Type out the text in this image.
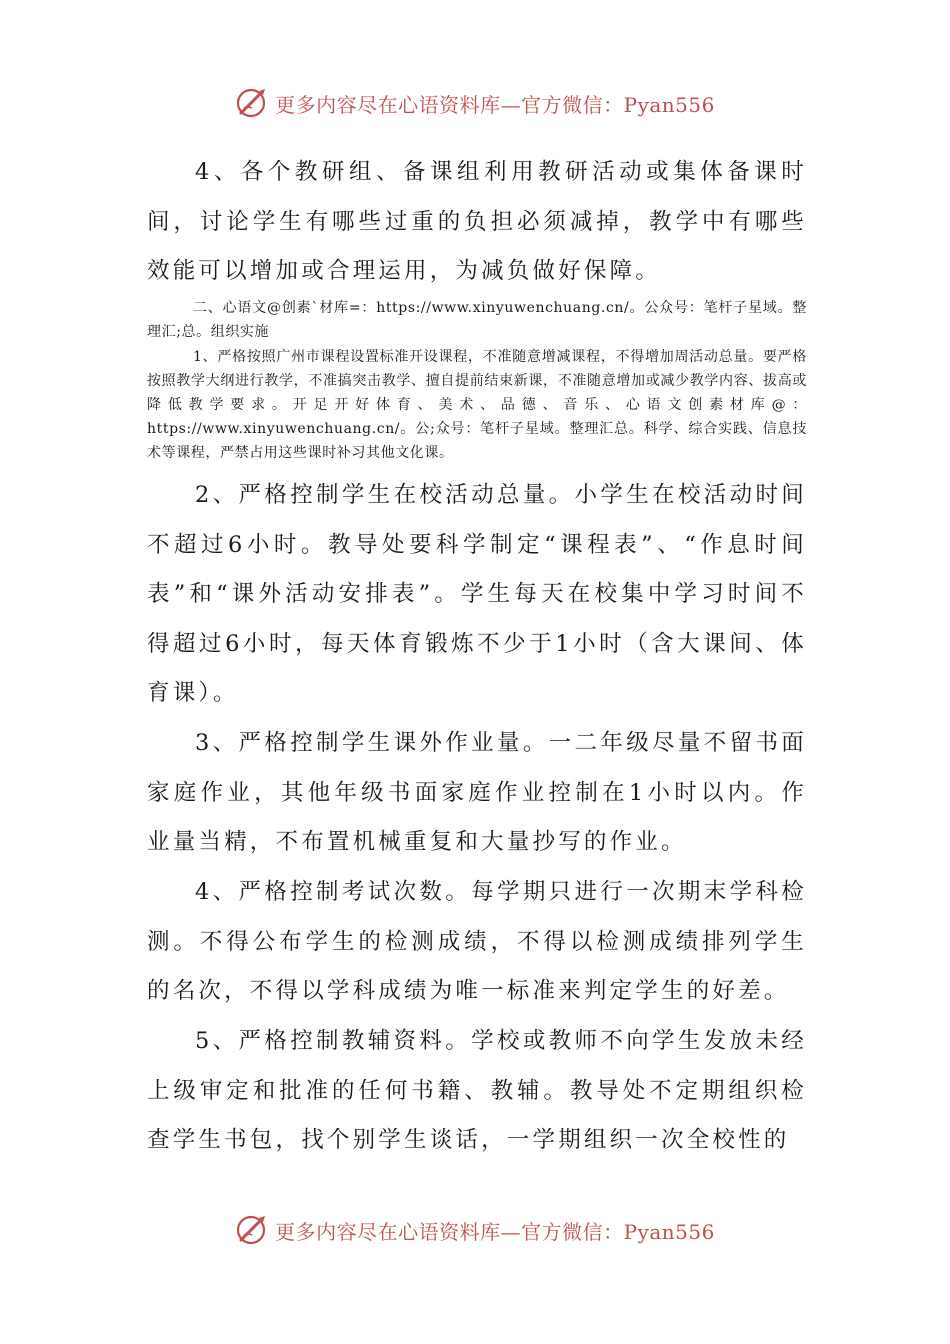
更多内容尽在心语资料库—官方微信：Pyan556

4、各个教研组、备课组利用教研活动或集体备课时间，讨论学生有哪些过重的负担必须减掉，教学中有哪些效能可以增加或合理运用，为减负做好保障。

二、心语文@创素`材库=：https://www.xinyuwenchuang.cn/。公众号：笔杆子星域。整理汇;总。组织实施

1、严格按照广州市课程设置标准开设课程，不准随意增减课程，不得增加周活动总量。要严格按照教学大纲进行教学，不准搞突击教学、擅自提前结束新课，不准随意增加或减少教学内容、拔高或降低教学要求。开足开好体育、美术、品德、音乐、心语文创素材库@：https://www.xinyuwenchuang.cn/。公;众号：笔杆子星域。整理汇总。科学、综合实践、信息技术等课程，严禁占用这些课时补习其他文化课。

2、严格控制学生在校活动总量。小学生在校活动时间不超过6小时。教导处要科学制定“课程表”、“作息时间表”和“课外活动安排表”。学生每天在校集中学习时间不得超过6小时，每天体育锻炼不少于1小时（含大课间、体育课）。

3、严格控制学生课外作业量。一二年级尽量不留书面家庭作业，其他年级书面家庭作业控制在1小时以内。作业量当精，不布置机械重复和大量抄写的作业。

4、严格控制考试次数。每学期只进行一次期末学科检测。不得公布学生的检测成绩，不得以检测成绩排列学生的名次，不得以学科成绩为唯一标准来判定学生的好差。

5、严格控制教辅资料。学校或教师不向学生发放未经上级审定和批准的任何书籍、教辅。教导处不定期组织检查学生书包，找个别学生谈话，一学期组织一次全校性的

更多内容尽在心语资料库—官方微信：Pyan556
